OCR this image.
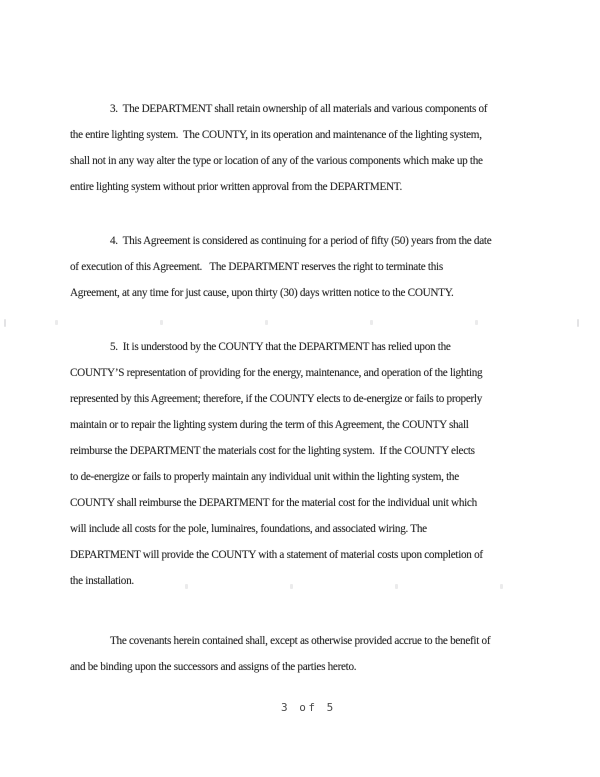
3.  The DEPARTMENT shall retain ownership of all materials and various components of
the entire lighting system.  The COUNTY, in its operation and maintenance of the lighting system,
shall not in any way alter the type or location of any of the various components which make up the
entire lighting system without prior written approval from the DEPARTMENT.
4.  This Agreement is considered as continuing for a period of fifty (50) years from the date
of execution of this Agreement.   The DEPARTMENT reserves the right to terminate this
Agreement, at any time for just cause, upon thirty (30) days written notice to the COUNTY.
5.  It is understood by the COUNTY that the DEPARTMENT has relied upon the
COUNTY’S representation of providing for the energy, maintenance, and operation of the lighting
represented by this Agreement; therefore, if the COUNTY elects to de-energize or fails to properly
maintain or to repair the lighting system during the term of this Agreement, the COUNTY shall
reimburse the DEPARTMENT the materials cost for the lighting system.  If the COUNTY elects
to de-energize or fails to properly maintain any individual unit within the lighting system, the
COUNTY shall reimburse the DEPARTMENT for the material cost for the individual unit which
will include all costs for the pole, luminaires, foundations, and associated wiring. The
DEPARTMENT will provide the COUNTY with a statement of material costs upon completion of
the installation.
The covenants herein contained shall, except as otherwise provided accrue to the benefit of
and be binding upon the successors and assigns of the parties hereto.
3 of 5
